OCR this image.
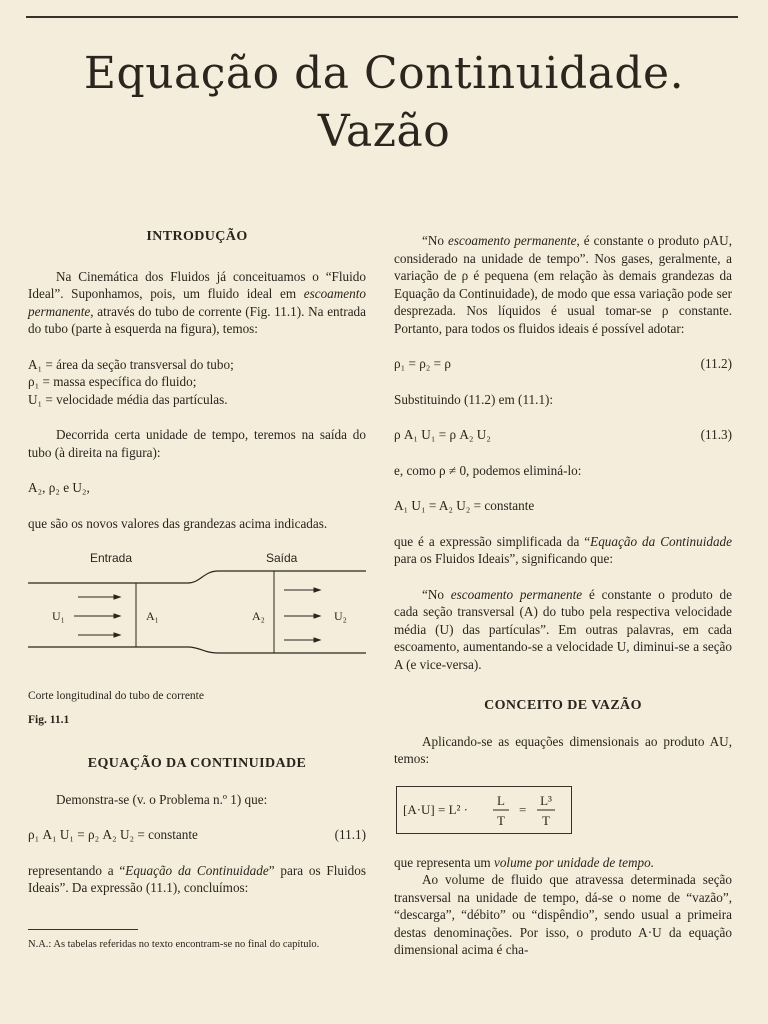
Equação da Continuidade.
Vazão

INTRODUÇÃO

Na Cinemática dos Fluidos já conceituamos o “Fluido Ideal”. Suponhamos, pois, um fluido ideal em escoamento permanente, através do tubo de corrente (Fig. 11.1). Na entrada do tubo (parte à esquerda na figura), temos:

A₁ = área da seção transversal do tubo;

ρ₁ = massa específica do fluido;

U₁ = velocidade média das partículas.

Decorrida certa unidade de tempo, teremos na saída do tubo (à direita na figura):

A₂, ρ₂ e U₂,

que são os novos valores das grandezas acima indicadas.

Entrada	Saída
U₁	A₁	A₂	U₂

Corte longitudinal do tubo de corrente

Fig. 11.1

EQUAÇÃO DA CONTINUIDADE

Demonstra-se (v. o Problema n.º 1) que:

ρ₁ A₁ U₁ = ρ₂ A₂ U₂ = constante	(11.1)

representando a “Equação da Continuidade” para os Fluidos Ideais”. Da expressão (11.1), concluímos:

N.A.: As tabelas referidas no texto encontram-se no final do capítulo.

“No escoamento permanente, é constante o produto ρAU, considerado na unidade de tempo”. Nos gases, geralmente, a variação de ρ é pequena (em relação às demais grandezas da Equação da Continuidade), de modo que essa variação pode ser desprezada. Nos líquidos é usual tomar-se ρ constante. Portanto, para todos os fluidos ideais é possível adotar:

ρ₁ = ρ₂ = ρ	(11.2)

Substituindo (11.2) em (11.1):

ρ A₁ U₁ = ρ A₂ U₂	(11.3)

e, como ρ ≠ 0, podemos eliminá-lo:

A₁ U₁ = A₂ U₂ = constante

que é a expressão simplificada da “Equação da Continuidade para os Fluidos Ideais”, significando que:

“No escoamento permanente é constante o produto de cada seção transversal (A) do tubo pela respectiva velocidade média (U) das partículas”. Em outras palavras, em cada escoamento, aumentando-se a velocidade U, diminui-se a seção A (e vice-versa).

CONCEITO DE VAZÃO

Aplicando-se as equações dimensionais ao produto AU, temos:

[A·U] = L² ·
L
T
=
L³
T

que representa um volume por unidade de tempo.

Ao volume de fluido que atravessa determinada seção transversal na unidade de tempo, dá-se o nome de “vazão”, “descarga”, “débito” ou “dispêndio”, sendo usual a primeira destas denominações. Por isso, o produto A·U da equação dimensional acima é cha-
